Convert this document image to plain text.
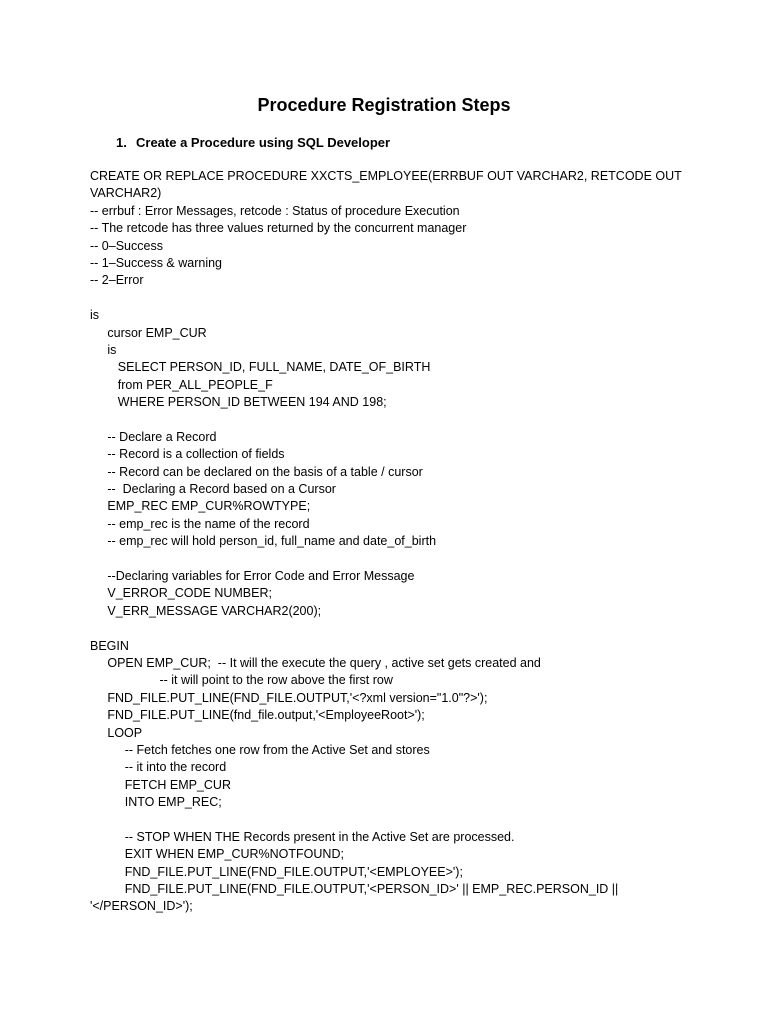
Procedure Registration Steps
1. Create a Procedure using SQL Developer
CREATE OR REPLACE PROCEDURE XXCTS_EMPLOYEE(ERRBUF OUT VARCHAR2, RETCODE OUT
VARCHAR2)
-- errbuf : Error Messages, retcode : Status of procedure Execution
-- The retcode has three values returned by the concurrent manager
-- 0–Success
-- 1–Success & warning
-- 2–Error
is
cursor EMP_CUR
is
SELECT PERSON_ID, FULL_NAME, DATE_OF_BIRTH
from PER_ALL_PEOPLE_F
WHERE PERSON_ID BETWEEN 194 AND 198;
-- Declare a Record
-- Record is a collection of fields
-- Record can be declared on the basis of a table / cursor
--  Declaring a Record based on a Cursor
EMP_REC EMP_CUR%ROWTYPE;
-- emp_rec is the name of the record
-- emp_rec will hold person_id, full_name and date_of_birth
--Declaring variables for Error Code and Error Message
V_ERROR_CODE NUMBER;
V_ERR_MESSAGE VARCHAR2(200);
BEGIN
OPEN EMP_CUR;  -- It will the execute the query , active set gets created and
-- it will point to the row above the first row
FND_FILE.PUT_LINE(FND_FILE.OUTPUT,'<?xml version="1.0"?>');
FND_FILE.PUT_LINE(fnd_file.output,'<EmployeeRoot>');
LOOP
-- Fetch fetches one row from the Active Set and stores
-- it into the record
FETCH EMP_CUR
INTO EMP_REC;
-- STOP WHEN THE Records present in the Active Set are processed.
EXIT WHEN EMP_CUR%NOTFOUND;
FND_FILE.PUT_LINE(FND_FILE.OUTPUT,'<EMPLOYEE>');
FND_FILE.PUT_LINE(FND_FILE.OUTPUT,'<PERSON_ID>' || EMP_REC.PERSON_ID ||
'</PERSON_ID>');
